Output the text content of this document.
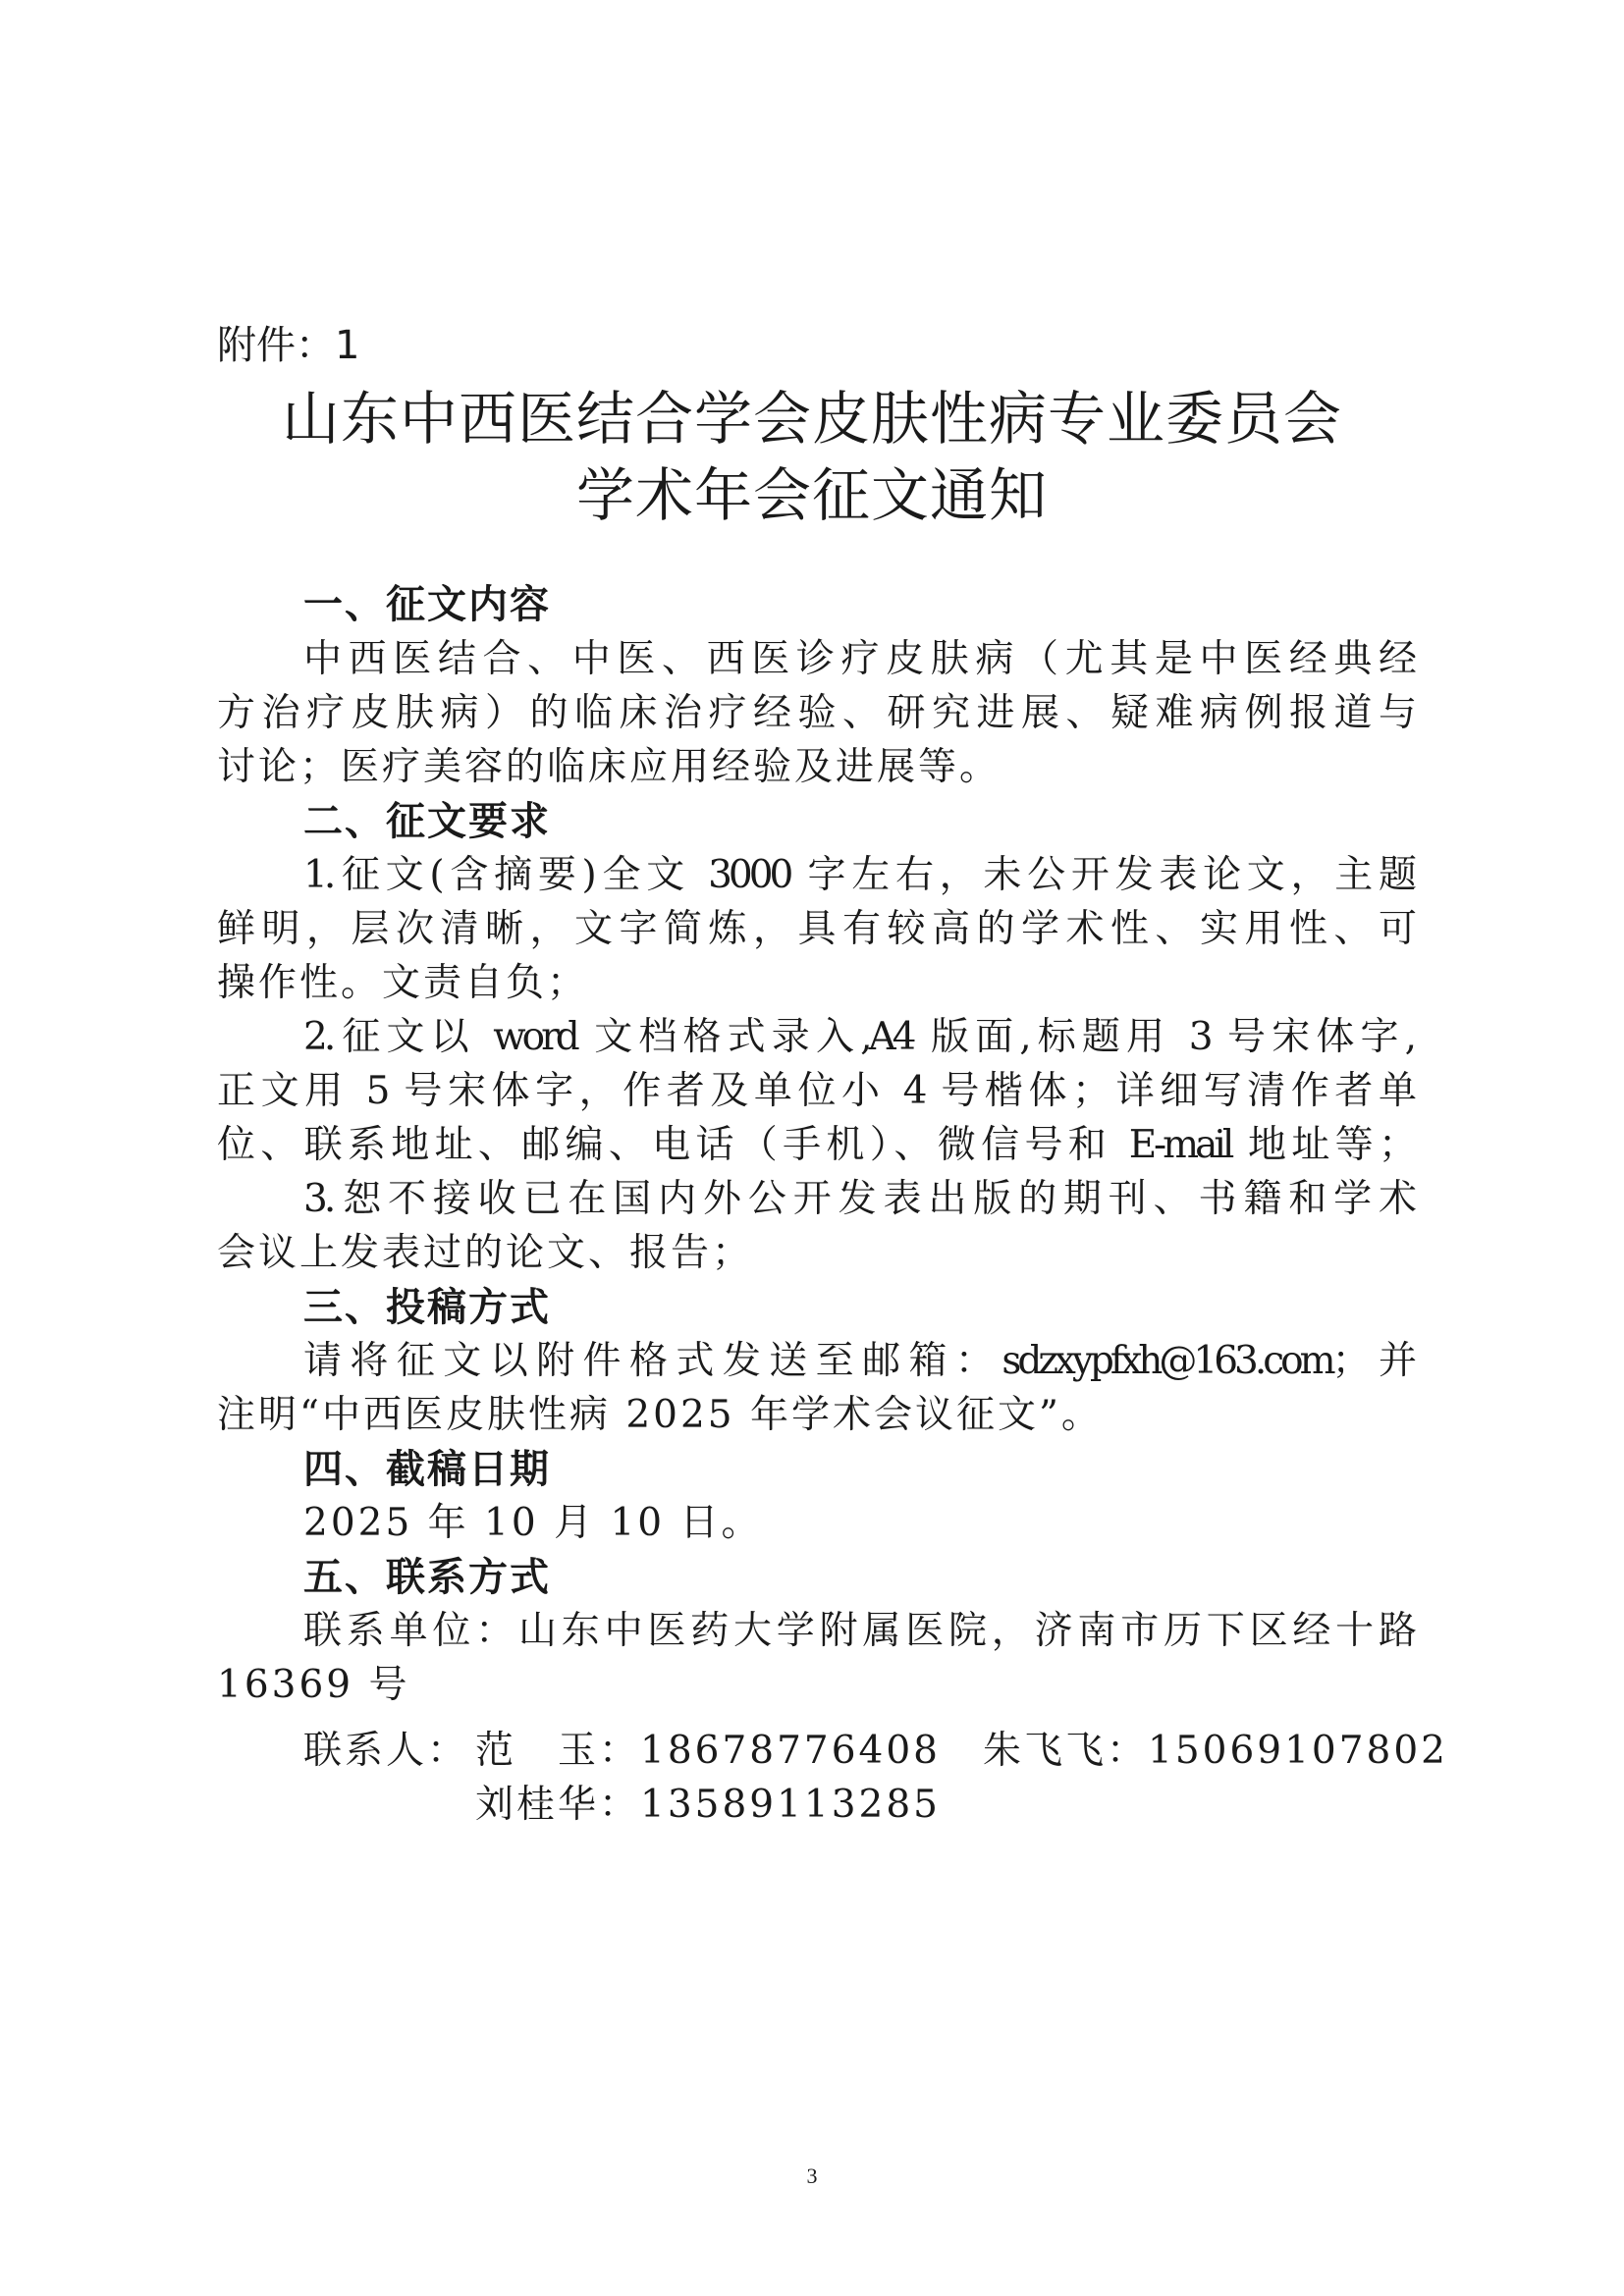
附件：1
山东中西医结合学会皮肤性病专业委员会
学术年会征文通知
一、征文内容
中西医结合、中医、西医诊疗皮肤病（尤其是中医经典经
方治疗皮肤病）的临床治疗经验、研究进展、疑难病例报道与
讨论；医疗美容的临床应用经验及进展等。
二、征文要求
1.征文(含摘要)全文 3000 字左右，未公开发表论文，主题
鲜明，层次清晰，文字简炼，具有较高的学术性、实用性、可
操作性。文责自负；
2.征文以 word 文档格式录入,A4 版面,标题用 3 号宋体字,
正文用 5 号宋体字，作者及单位小 4 号楷体；详细写清作者单
位、联系地址、邮编、电话（手机）、微信号和 E-mail 地址等；
3.恕不接收已在国内外公开发表出版的期刊、书籍和学术
会议上发表过的论文、报告；
三、投稿方式
请将征文以附件格式发送至邮箱：sdzxypfxh@163.com；并
注明“中西医皮肤性病 2025 年学术会议征文”。
四、截稿日期
2025 年 10 月 10 日。
五、联系方式
联系单位：山东中医药大学附属医院，济南市历下区经十路
16369 号
联系人： 范　玉：18678776408 朱飞飞：15069107802
刘桂华：13589113285
3
